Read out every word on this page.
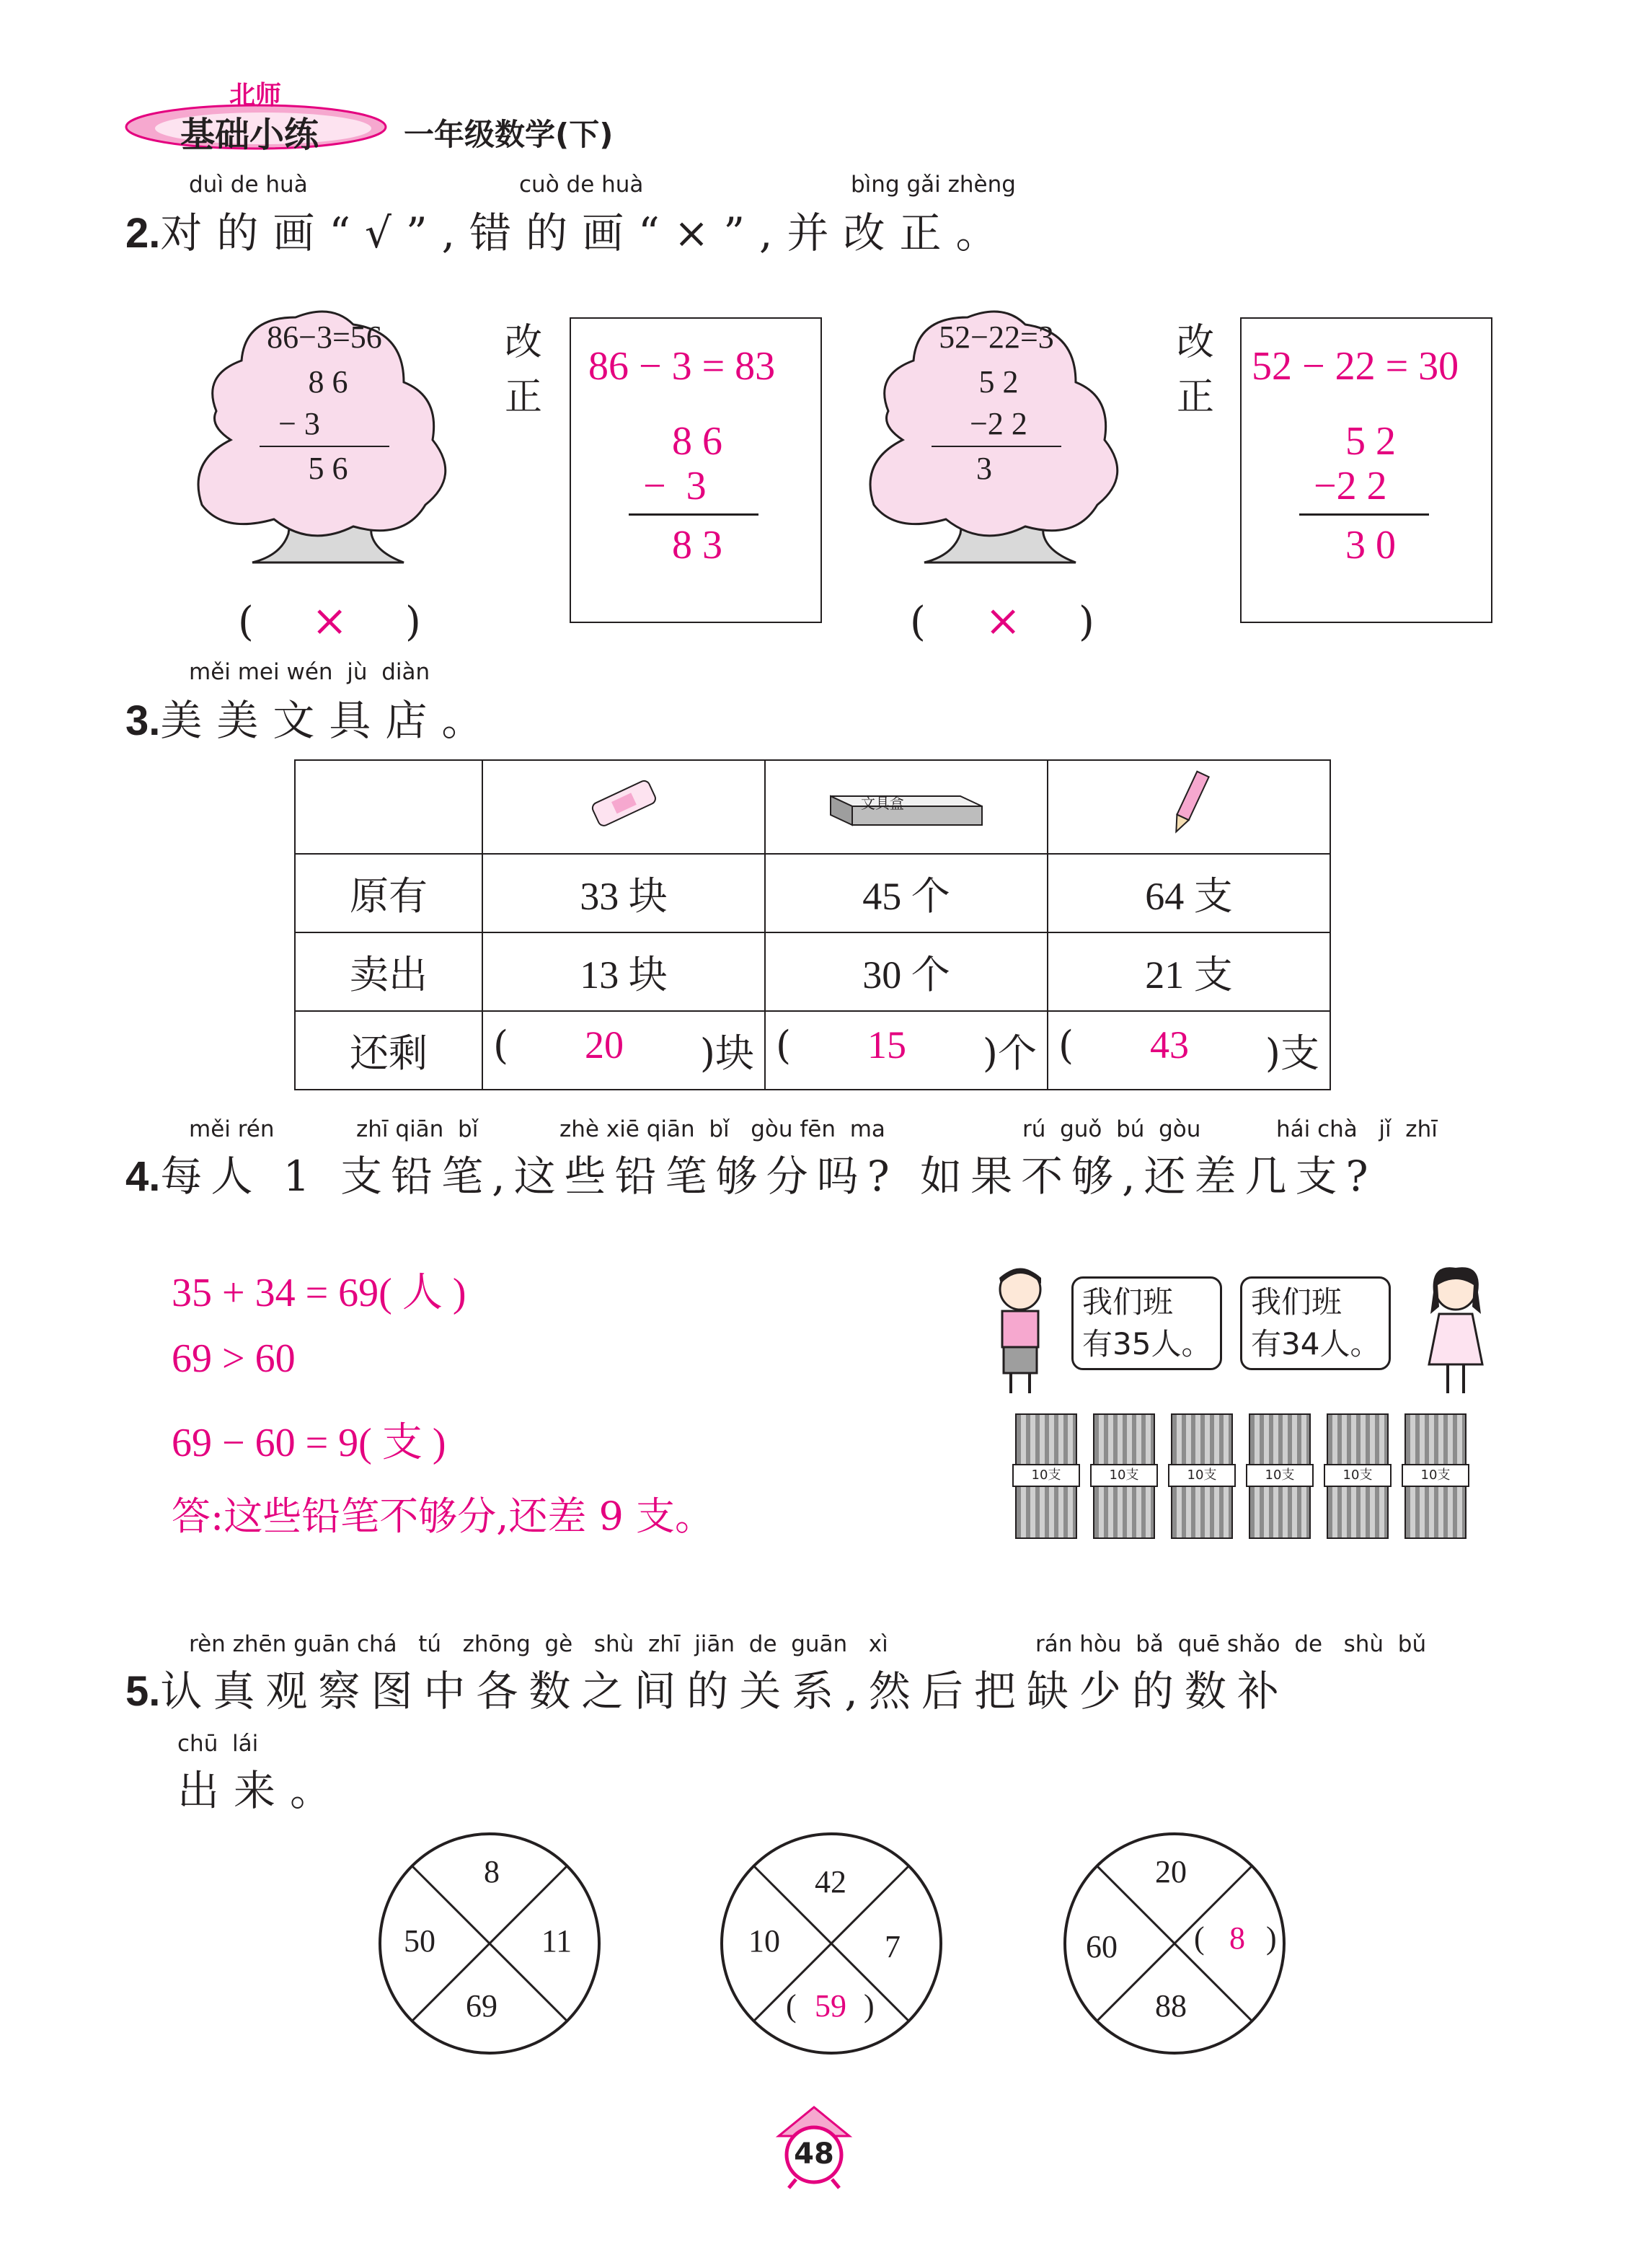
北师
基础小练	一年级数学(下)
duì de huà	cuò de huà	bìng gǎi zhèng
2.对的画“√”,错的画“×”,并改正。
86−3=56
8 6
− 3
5 6
改
正
86 − 3 = 83
8 6
−  3
8 3
( × )
52−22=3
5 2
−2 2
3
改
正
52 − 22 = 30
5 2
−2 2
3 0
( × )
měi mei wén  jù  diàn
3.美美文具店。

文具盒

原有	33 块	45 个	64 支
卖出	13 块	30 个	21 支
还剩	( 20 )块	( 15 )个	( 43 )支
měi rén	zhī qiān  bǐ	zhè xiē qiān  bǐ   gòu fēn  ma	rú  guǒ  bú  gòu	hái chà   jǐ  zhī
4.每人 1 支铅笔,这些铅笔够分吗? 如果不够,还差几支?
35 + 34 = 69( 人 )
69 > 60
69 − 60 = 9( 支 )
答:这些铅笔不够分,还差 9 支。
我们班
有35人。
我们班
有34人。
10支	10支	10支	10支	10支	10支
rèn zhēn guān chá   tú   zhōng  gè   shù  zhī  jiān  de  guān   xì	rán hòu  bǎ  quē shǎo  de   shù  bǔ
5.认真观察图中各数之间的关系,然后把缺少的数补
chū  lái
出来。
8
50	11
69
42
10	7
( 59 )
20
60	( 8 )
88
48
